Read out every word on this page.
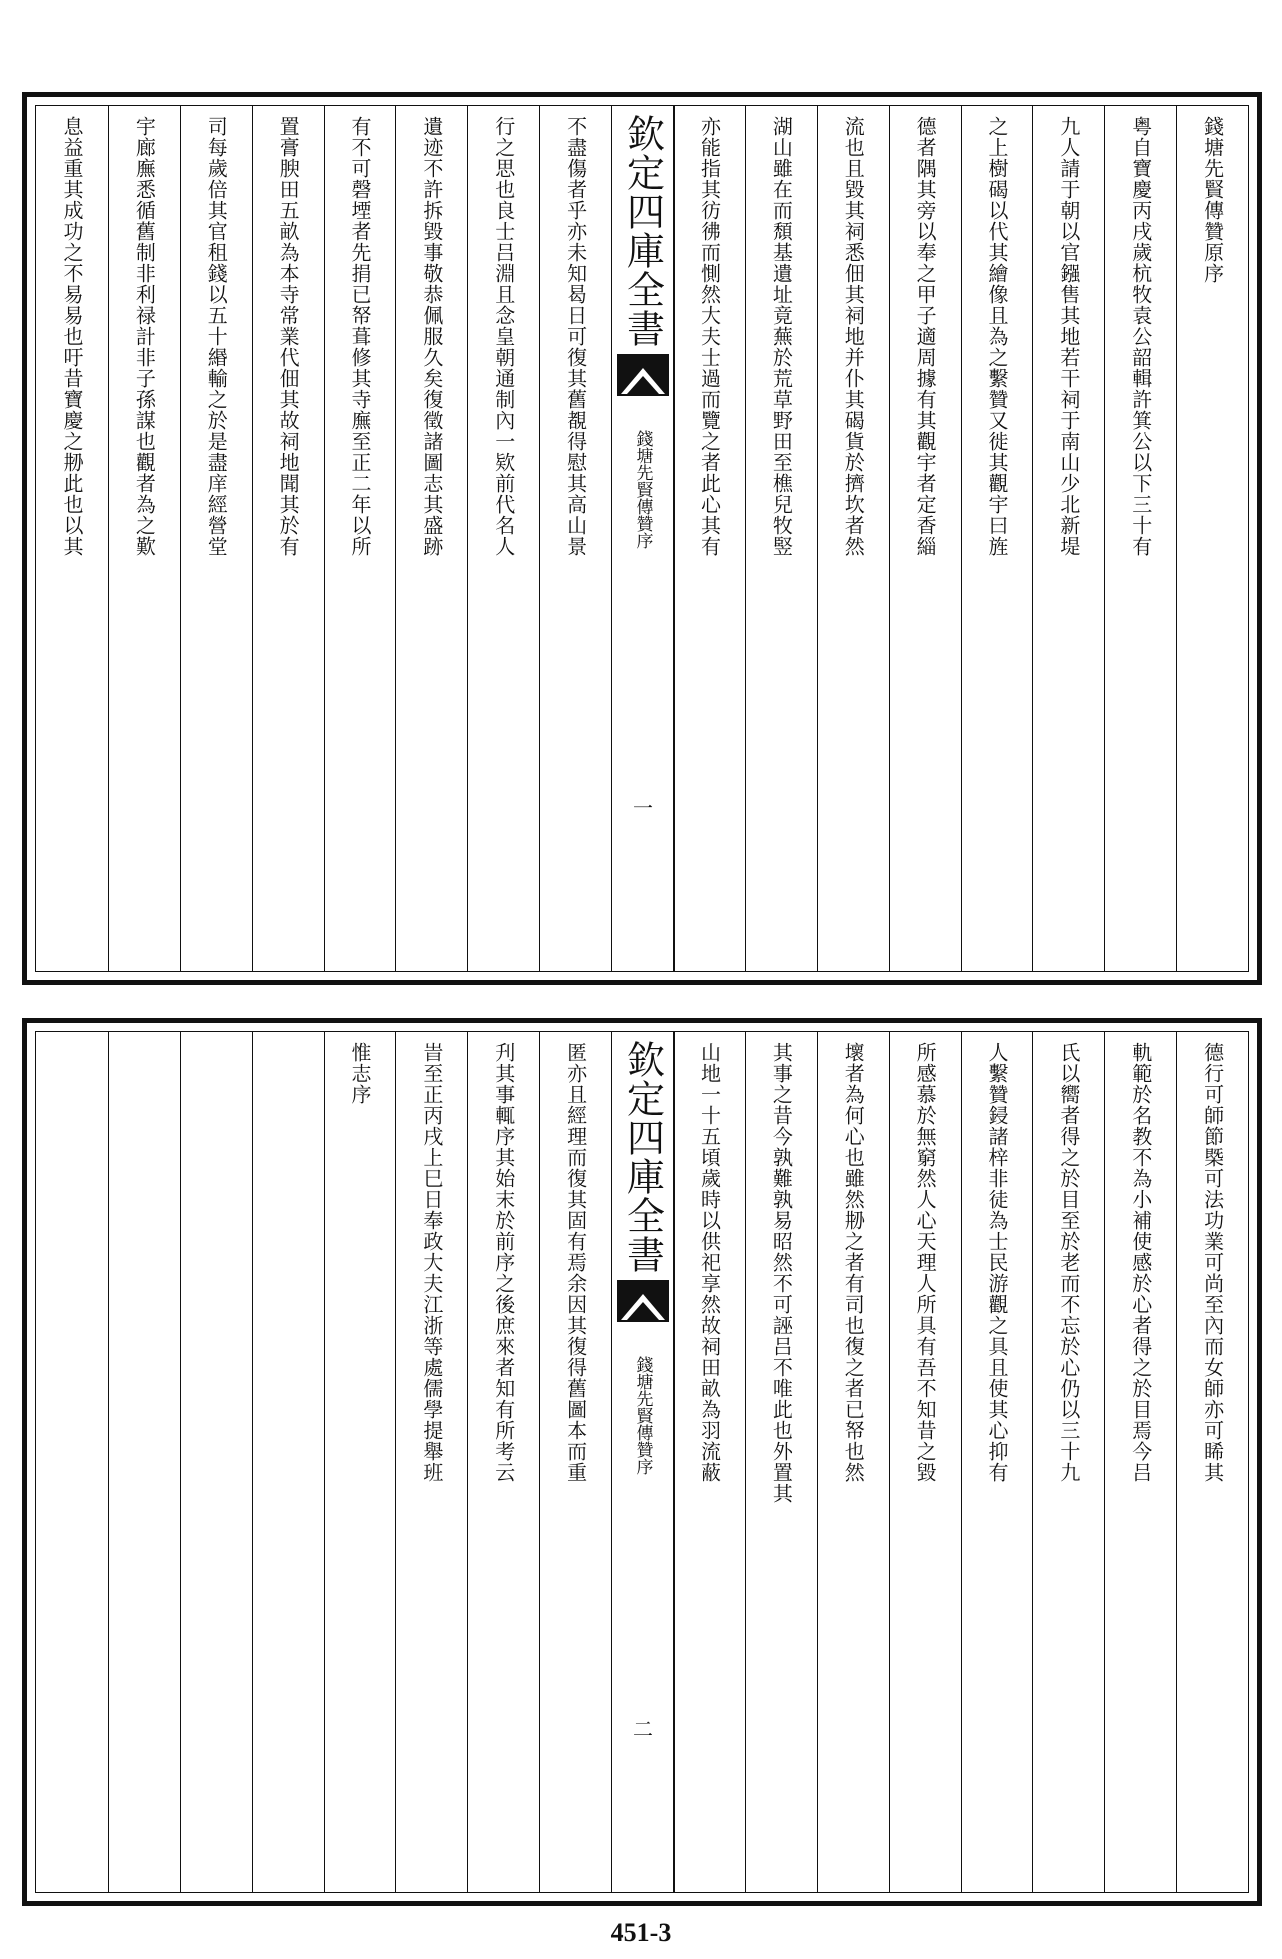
錢塘先賢傳贊原序
粤自寶慶丙戌歲杭牧袁公韶輯許箕公以下三十有
九人請于朝以官鏹售其地若干祠于南山少北新堤
之上樹碣以代其繪像且為之繫贊又徙其觀宇曰旌
德者隅其旁以奉之甲子適周據有其觀宇者定香緇
流也且毀其祠悉佃其祠地并仆其碣貨於擠坎者然
湖山雖在而頹基遺址竟蕪於荒草野田至樵兒牧竪
亦能指其彷彿而惻然大夫士過而覽之者此心其有
欽定四庫全書
錢塘先賢傳贊序
一
不盡傷者乎亦未知曷日可復其舊覩得慰其高山景
行之思也良士吕淵且念皇朝通制內一欵前代名人
遺迹不許拆毀事敬恭佩服久矣復徵諸圖志其盛跡
有不可磬堙者先捐已帑葺修其寺廡至正二年以所
置膏腴田五畝為本寺常業代佃其故祠地聞其於有
司每歲倍其官租錢以五十緡輸之於是盡庠經營堂
宇廊廡悉循舊制非利禄計非子孫謀也觀者為之歎
息益重其成功之不易易也吁昔寶慶之刱此也以其
德行可師節槩可法功業可尚至內而女師亦可睎其
軌範於名教不為小補使感於心者得之於目焉今吕
氏以嚮者得之於目至於老而不忘於心仍以三十九
人繫贊鋟諸梓非徒為士民游觀之具且使其心抑有
所感慕於無窮然人心天理人所具有吾不知昔之毀
壞者為何心也雖然刱之者有司也復之者已帑也然
其事之昔今孰難孰易昭然不可誣吕不唯此也外置其
山地一十五頃歲時以供祀享然故祠田畝為羽流蔽
欽定四庫全書
錢塘先賢傳贊序
二
匿亦且經理而復其固有焉余因其復得舊圖本而重
刋其事輒序其始末於前序之後庶來者知有所考云
旹至正丙戌上巳日奉政大夫江浙等處儒學提舉班
惟志序
451-3
